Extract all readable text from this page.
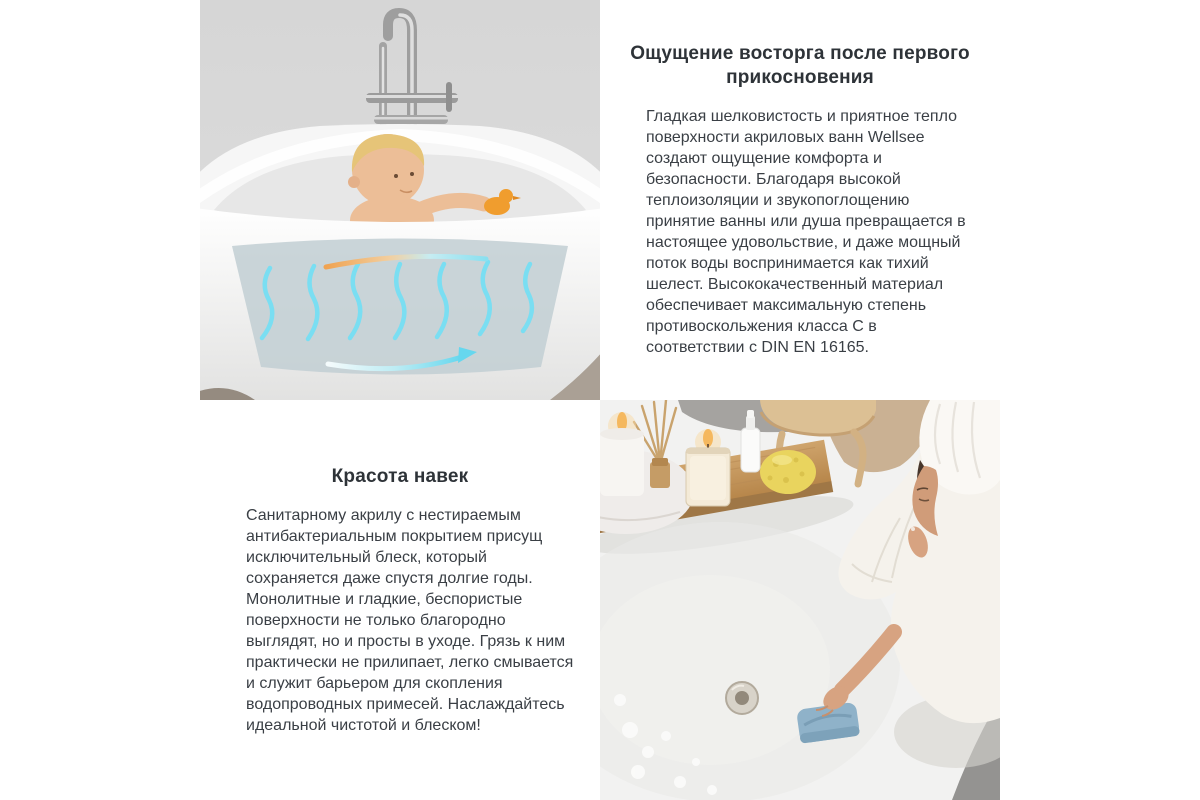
Ощущение восторга после первого прикосновения

Гладкая шелковистость и приятное тепло поверхности акриловых ванн Wellsee создают ощущение комфорта и безопасности. Благодаря высокой теплоизоляции и звукопоглощению принятие ванны или душа превращается в настоящее удовольствие, и даже мощный поток воды воспринимается как тихий шелест. Высококачественный материал обеспечивает максимальную степень противоскольжения класса C в соответствии с DIN EN 16165.

Красота навек

Санитарному акрилу с нестираемым антибактериальным покрытием присущ исключительный блеск, который сохраняется даже спустя долгие годы. Монолитные и гладкие, беспористые поверхности не только благородно выглядят, но и просты в уходе. Грязь к ним практически не прилипает, легко смывается и служит барьером для скопления водопроводных примесей. Наслаждайтесь идеальной чистотой и блеском!
